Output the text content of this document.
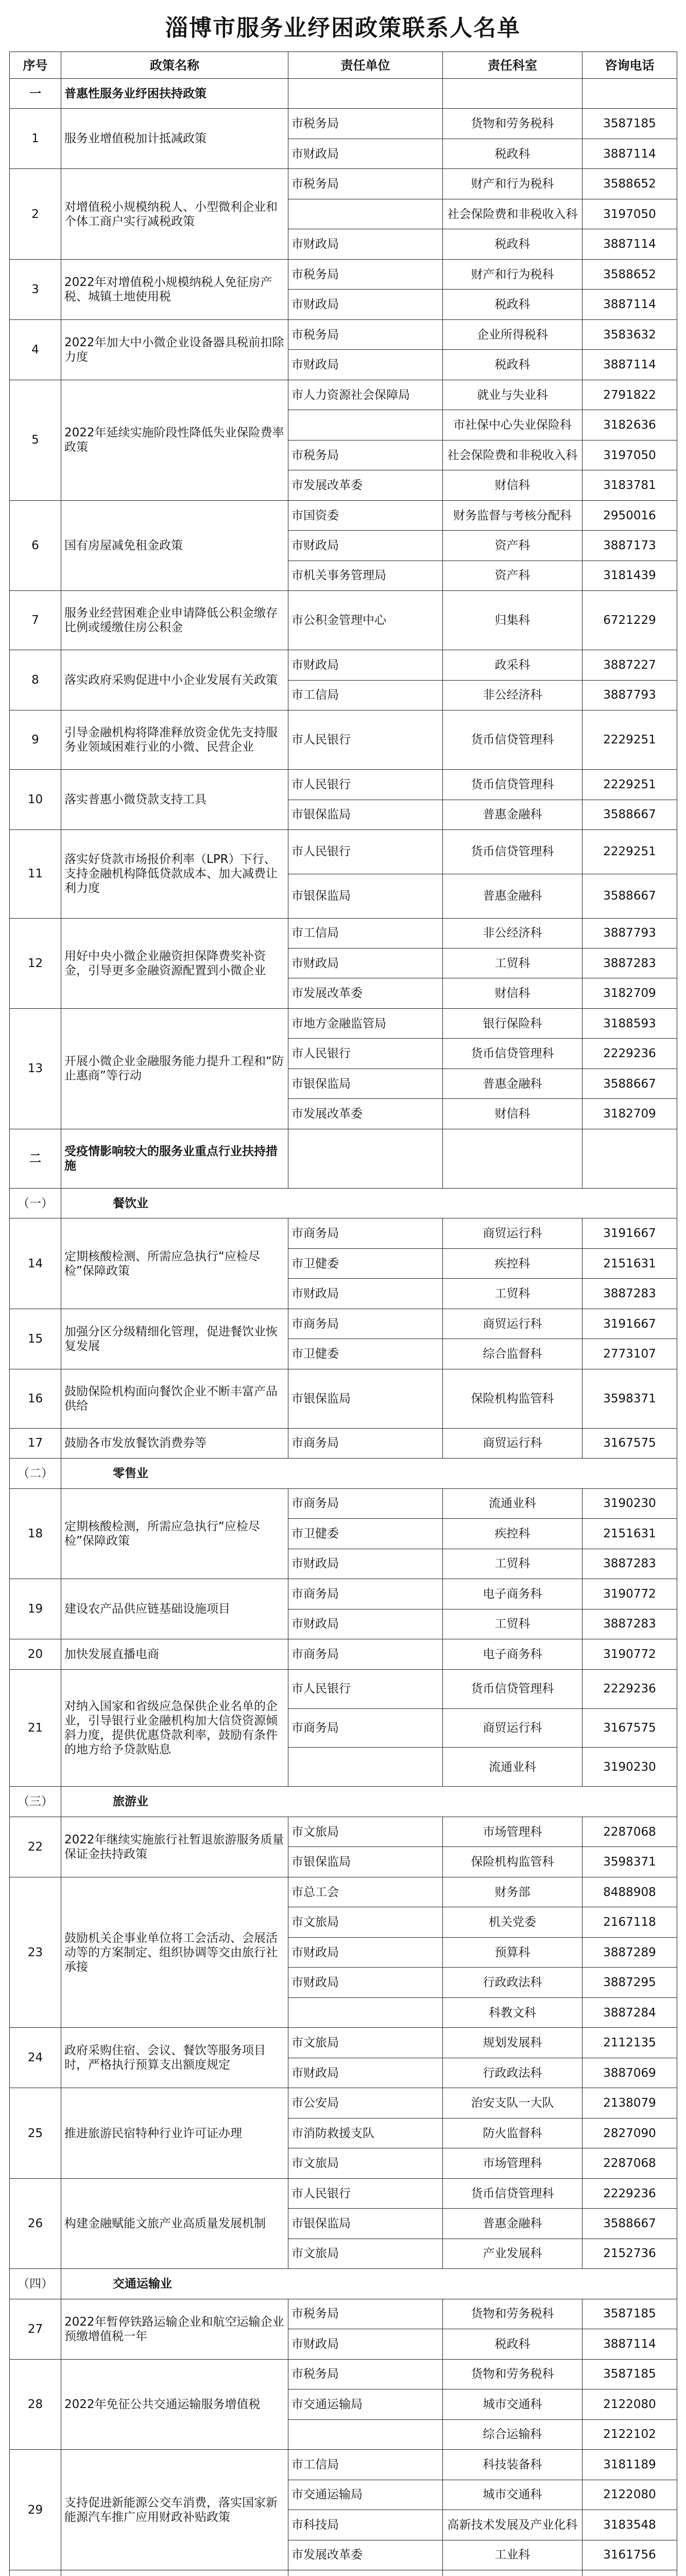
淄博市服务业纾困政策联系人名单
序号	政策名称	责任单位	责任科室	咨询电话
一	普惠性服务业纾困扶持政策			
1	服务业增值税加计抵减政策	市税务局	货物和劳务税科	3587185
		市财政局	税政科	3887114
2	对增值税小规模纳税人、小型微利企业和个体工商户实行减税政策	市税务局	财产和行为税科	3588652
			社会保险费和非税收入科	3197050
		市财政局	税政科	3887114
3	2022年对增值税小规模纳税人免征房产税、城镇土地使用税	市税务局	财产和行为税科	3588652
		市财政局	税政科	3887114
4	2022年加大中小微企业设备器具税前扣除力度	市税务局	企业所得税科	3583632
		市财政局	税政科	3887114
5	2022年延续实施阶段性降低失业保险费率政策	市人力资源社会保障局	就业与失业科	2791822
			市社保中心失业保险科	3182636
		市税务局	社会保险费和非税收入科	3197050
		市发展改革委	财信科	3183781
6	国有房屋减免租金政策	市国资委	财务监督与考核分配科	2950016
		市财政局	资产科	3887173
		市机关事务管理局	资产科	3181439
7	服务业经营困难企业申请降低公积金缴存比例或缓缴住房公积金	市公积金管理中心	归集科	6721229
8	落实政府采购促进中小企业发展有关政策	市财政局	政采科	3887227
		市工信局	非公经济科	3887793
9	引导金融机构将降准释放资金优先支持服务业领域困难行业的小微、民营企业	市人民银行	货币信贷管理科	2229251
10	落实普惠小微贷款支持工具	市人民银行	货币信贷管理科	2229251
		市银保监局	普惠金融科	3588667
11	落实好贷款市场报价利率（LPR）下行、支持金融机构降低贷款成本、加大减费让利力度	市人民银行	货币信贷管理科	2229251
		市银保监局	普惠金融科	3588667
12	用好中央小微企业融资担保降费奖补资金，引导更多金融资源配置到小微企业	市工信局	非公经济科	3887793
		市财政局	工贸科	3887283
		市发展改革委	财信科	3182709
13	开展小微企业金融服务能力提升工程和“防止惠商”等行动	市地方金融监管局	银行保险科	3188593
		市人民银行	货币信贷管理科	2229236
		市银保监局	普惠金融科	3588667
		市发展改革委	财信科	3182709
二	受疫情影响较大的服务业重点行业扶持措施			
（一）	餐饮业			
14	定期核酸检测、所需应急执行“应检尽检”保障政策	市商务局	商贸运行科	3191667
		市卫健委	疾控科	2151631
		市财政局	工贸科	3887283
15	加强分区分级精细化管理，促进餐饮业恢复发展	市商务局	商贸运行科	3191667
		市卫健委	综合监督科	2773107
16	鼓励保险机构面向餐饮企业不断丰富产品供给	市银保监局	保险机构监管科	3598371
17	鼓励各市发放餐饮消费券等	市商务局	商贸运行科	3167575
（二）	零售业			
18	定期核酸检测，所需应急执行“应检尽检”保障政策	市商务局	流通业科	3190230
		市卫健委	疾控科	2151631
		市财政局	工贸科	3887283
19	建设农产品供应链基础设施项目	市商务局	电子商务科	3190772
		市财政局	工贸科	3887283
20	加快发展直播电商	市商务局	电子商务科	3190772
21	对纳入国家和省级应急保供企业名单的企业，引导银行业金融机构加大信贷资源倾斜力度，提供优惠贷款利率，鼓励有条件的地方给予贷款贴息	市人民银行	货币信贷管理科	2229236
		市商务局	商贸运行科	3167575
			流通业科	3190230
（三）	旅游业			
22	2022年继续实施旅行社暂退旅游服务质量保证金扶持政策	市文旅局	市场管理科	2287068
		市银保监局	保险机构监管科	3598371
23	鼓励机关企事业单位将工会活动、会展活动等的方案制定、组织协调等交由旅行社承接	市总工会	财务部	8488908
		市文旅局	机关党委	2167118
		市财政局	预算科	3887289
		市财政局	行政政法科	3887295
			科教文科	3887284
24	政府采购住宿、会议、餐饮等服务项目时，严格执行预算支出额度规定	市文旅局	规划发展科	2112135
		市财政局	行政政法科	3887069
25	推进旅游民宿特种行业许可证办理	市公安局	治安支队一大队	2138079
		市消防救援支队	防火监督科	2827090
		市文旅局	市场管理科	2287068
26	构建金融赋能文旅产业高质量发展机制	市人民银行	货币信贷管理科	2229236
		市银保监局	普惠金融科	3588667
		市文旅局	产业发展科	2152736
（四）	交通运输业			
27	2022年暂停铁路运输企业和航空运输企业预缴增值税一年	市税务局	货物和劳务税科	3587185
		市财政局	税政科	3887114
28	2022年免征公共交通运输服务增值税	市税务局	货物和劳务税科	3587185
		市交通运输局	城市交通科	2122080
			综合运输科	2122102
29	支持促进新能源公交车消费，落实国家新能源汽车推广应用财政补贴政策	市工信局	科技装备科	3181189
		市交通运输局	城市交通科	2122080
		市科技局	高新技术发展及产业化科	3183548
		市发展改革委	工业科	3161756
